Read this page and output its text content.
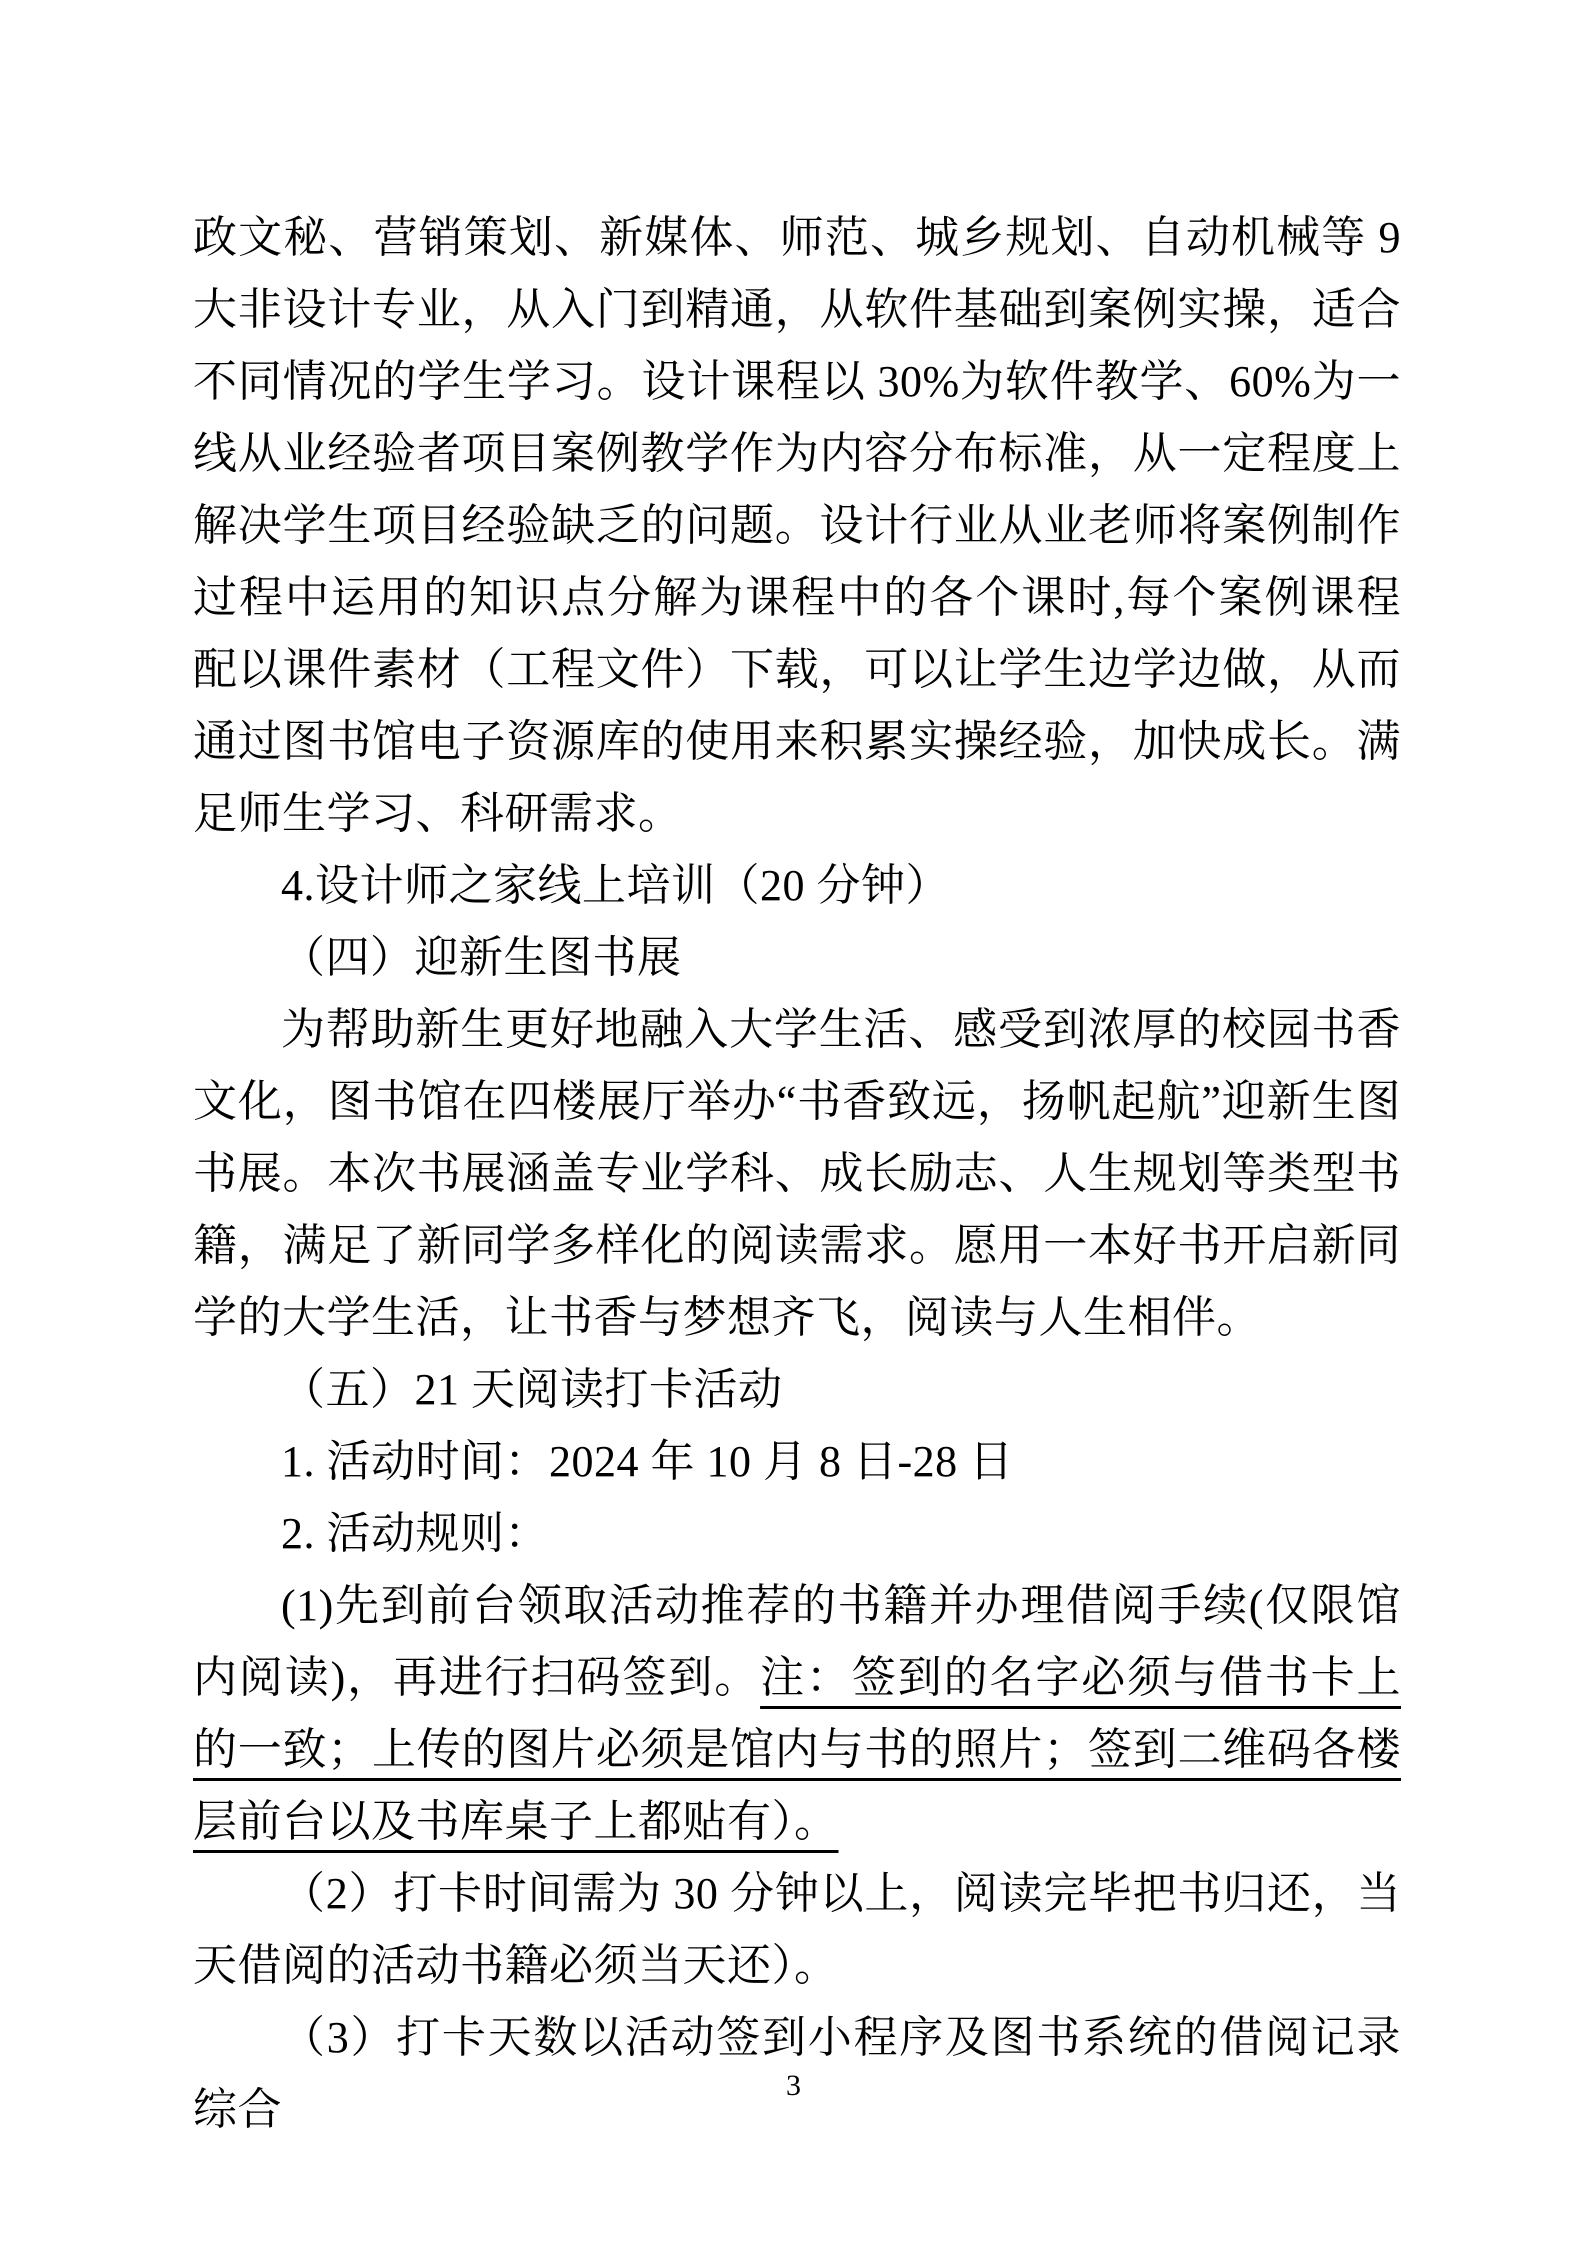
政文秘、营销策划、新媒体、师范、城乡规划、自动机械等 9 大非设计专业，从入门到精通，从软件基础到案例实操，适合不同情况的学生学习。设计课程以 30%为软件教学、60%为一线从业经验者项目案例教学作为内容分布标准，从一定程度上解决学生项目经验缺乏的问题。设计行业从业老师将案例制作过程中运用的知识点分解为课程中的各个课时,每个案例课程配以课件素材（工程文件）下载，可以让学生边学边做，从而通过图书馆电子资源库的使用来积累实操经验，加快成长。满足师生学习、科研需求。

4.设计师之家线上培训（20 分钟）

（四）迎新生图书展

为帮助新生更好地融入大学生活、感受到浓厚的校园书香文化，图书馆在四楼展厅举办“书香致远，扬帆起航”迎新生图书展。本次书展涵盖专业学科、成长励志、人生规划等类型书籍，满足了新同学多样化的阅读需求。愿用一本好书开启新同学的大学生活，让书香与梦想齐飞，阅读与人生相伴。

（五）21 天阅读打卡活动

1. 活动时间：2024 年 10 月 8 日-28 日

2. 活动规则：

(1)先到前台领取活动推荐的书籍并办理借阅手续(仅限馆内阅读)，再进行扫码签到。注：签到的名字必须与借书卡上的一致；上传的图片必须是馆内与书的照片；签到二维码各楼层前台以及书库桌子上都贴有）。

（2）打卡时间需为 30 分钟以上，阅读完毕把书归还，当天借阅的活动书籍必须当天还）。

（3）打卡天数以活动签到小程序及图书系统的借阅记录综合	3
